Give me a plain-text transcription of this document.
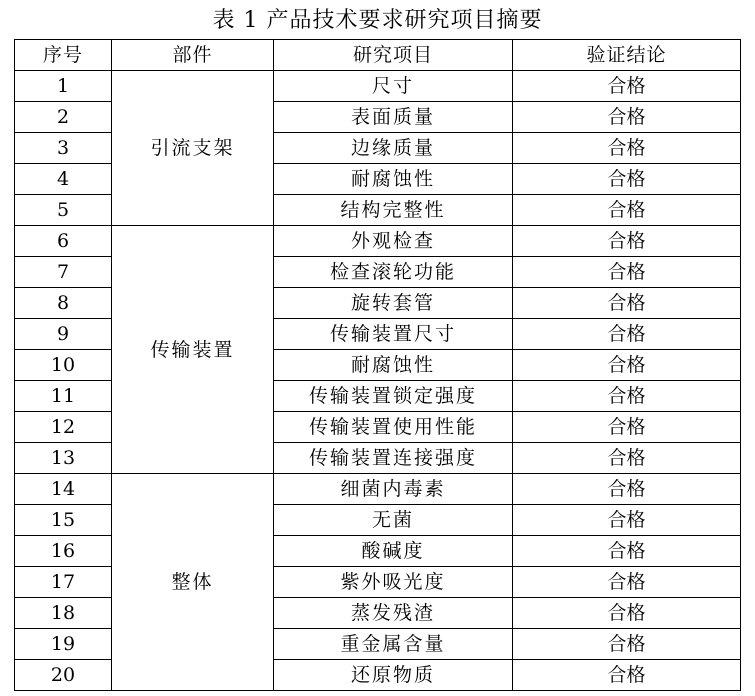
表 1 产品技术要求研究项目摘要
序号	部件	研究项目	验证结论
1	引流支架	尺寸	合格
2		表面质量	合格
3		边缘质量	合格
4		耐腐蚀性	合格
5		结构完整性	合格
6	传输装置	外观检查	合格
7		检查滚轮功能	合格
8		旋转套管	合格
9		传输装置尺寸	合格
10		耐腐蚀性	合格
11		传输装置锁定强度	合格
12		传输装置使用性能	合格
13		传输装置连接强度	合格
14	整体	细菌内毒素	合格
15		无菌	合格
16		酸碱度	合格
17		紫外吸光度	合格
18		蒸发残渣	合格
19		重金属含量	合格
20		还原物质	合格
